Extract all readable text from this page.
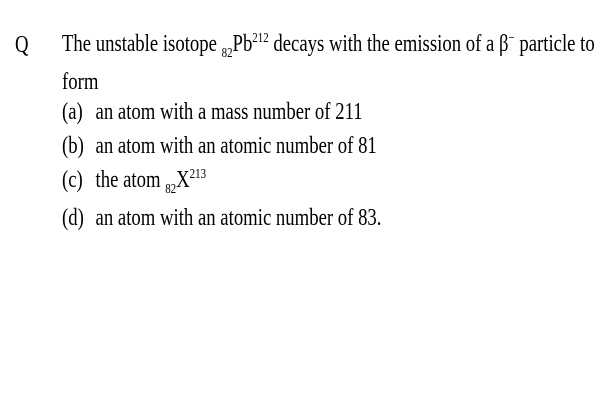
Q The unstable isotope $_{82}Pb^{212}$ decays with the emission of a β− particle to
form
(a) an atom with a mass number of 211
(b) an atom with an atomic number of 81
(c) the atom $_{82}X^{213}$
(d) an atom with an atomic number of 83.
